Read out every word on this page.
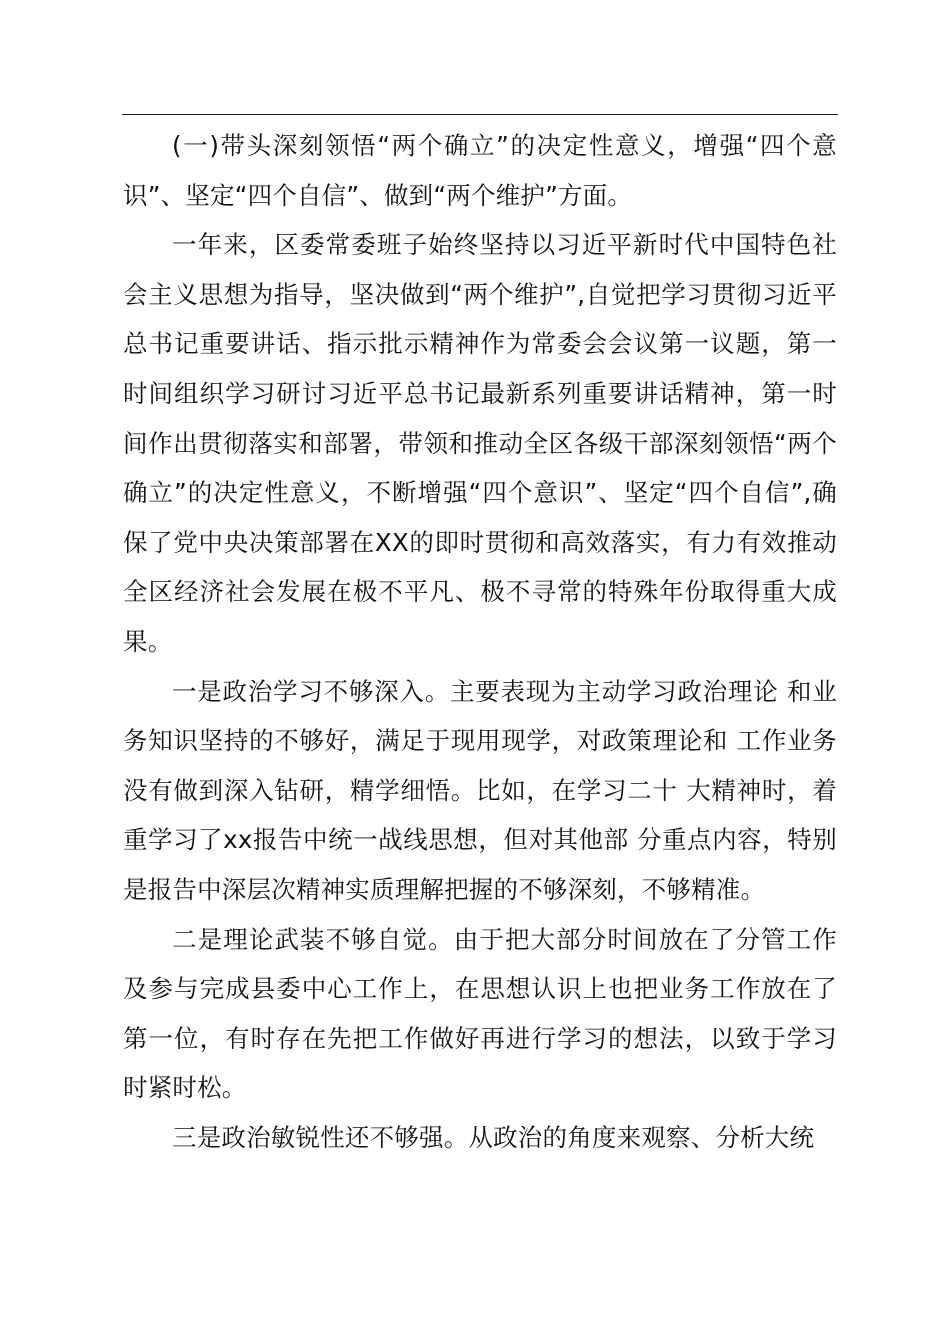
(一)带头深刻领悟“两个确立”的决定性意义，增强“四个意识”、坚定“四个自信”、做到“两个维护”方面。

一年来，区委常委班子始终坚持以习近平新时代中国特色社会主义思想为指导，坚决做到“两个维护”,自觉把学习贯彻习近平总书记重要讲话、指示批示精神作为常委会会议第一议题，第一时间组织学习研讨习近平总书记最新系列重要讲话精神，第一时间作出贯彻落实和部署，带领和推动全区各级干部深刻领悟“两个确立”的决定性意义，不断增强“四个意识”、坚定“四个自信”,确保了党中央决策部署在XX的即时贯彻和高效落实，有力有效推动全区经济社会发展在极不平凡、极不寻常的特殊年份取得重大成果。

一是政治学习不够深入。主要表现为主动学习政治理论 和业务知识坚持的不够好，满足于现用现学，对政策理论和 工作业务没有做到深入钻研，精学细悟。比如，在学习二十 大精神时，着重学习了xx报告中统一战线思想，但对其他部 分重点内容，特别是报告中深层次精神实质理解把握的不够深刻，不够精准。

二是理论武装不够自觉。由于把大部分时间放在了分管工作及参与完成县委中心工作上，在思想认识上也把业务工作放在了第一位，有时存在先把工作做好再进行学习的想法，以致于学习时紧时松。

三是政治敏锐性还不够强。从政治的角度来观察、分析大统
